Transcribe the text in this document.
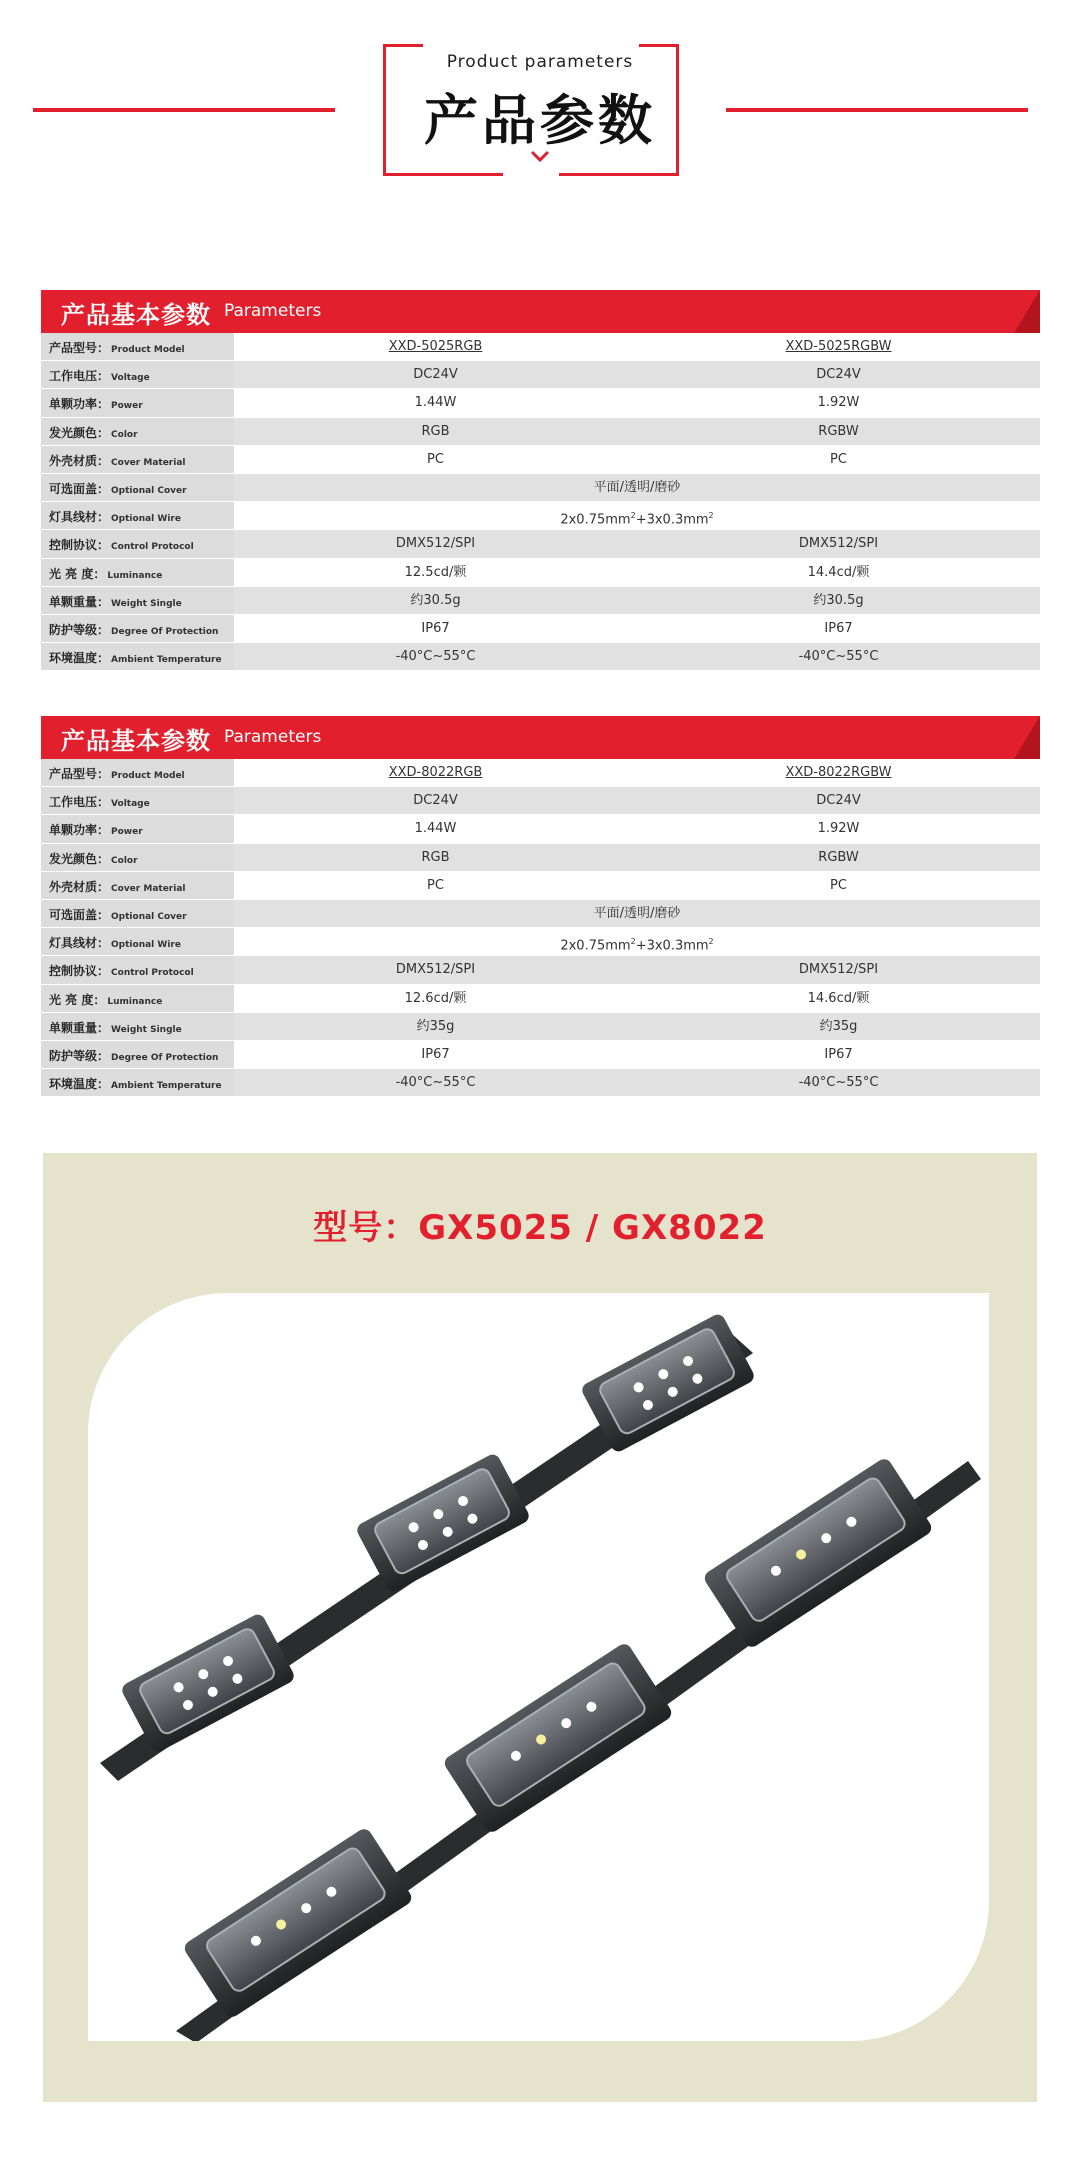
Product parameters
产品参数
产品基本参数 Parameters
产品型号： Product Model	XXD-5025RGB	XXD-5025RGBW
工作电压： Voltage	DC24V	DC24V
单颗功率： Power	1.44W	1.92W
发光颜色： Color	RGB	RGBW
外壳材质： Cover Material	PC	PC
可选面盖： Optional Cover	平面/透明/磨砂
灯具线材： Optional Wire	$2x0.75mm^2+3x0.3mm^2$
控制协议： Control Protocol	DMX512/SPI	DMX512/SPI
光 亮 度： Luminance	12.5cd/颗	14.4cd/颗
单颗重量： Weight Single	约30.5g	约30.5g
防护等级： Degree Of Protection	IP67	IP67
环境温度： Ambient Temperature	-40°C~55°C	-40°C~55°C
产品基本参数 Parameters
产品型号： Product Model	XXD-8022RGB	XXD-8022RGBW
工作电压： Voltage	DC24V	DC24V
单颗功率： Power	1.44W	1.92W
发光颜色： Color	RGB	RGBW
外壳材质： Cover Material	PC	PC
可选面盖： Optional Cover	平面/透明/磨砂
灯具线材： Optional Wire	$2x0.75mm^2+3x0.3mm^2$
控制协议： Control Protocol	DMX512/SPI	DMX512/SPI
光 亮 度： Luminance	12.6cd/颗	14.6cd/颗
单颗重量： Weight Single	约35g	约35g
防护等级： Degree Of Protection	IP67	IP67
环境温度： Ambient Temperature	-40°C~55°C	-40°C~55°C
型号：GX5025 / GX8022
